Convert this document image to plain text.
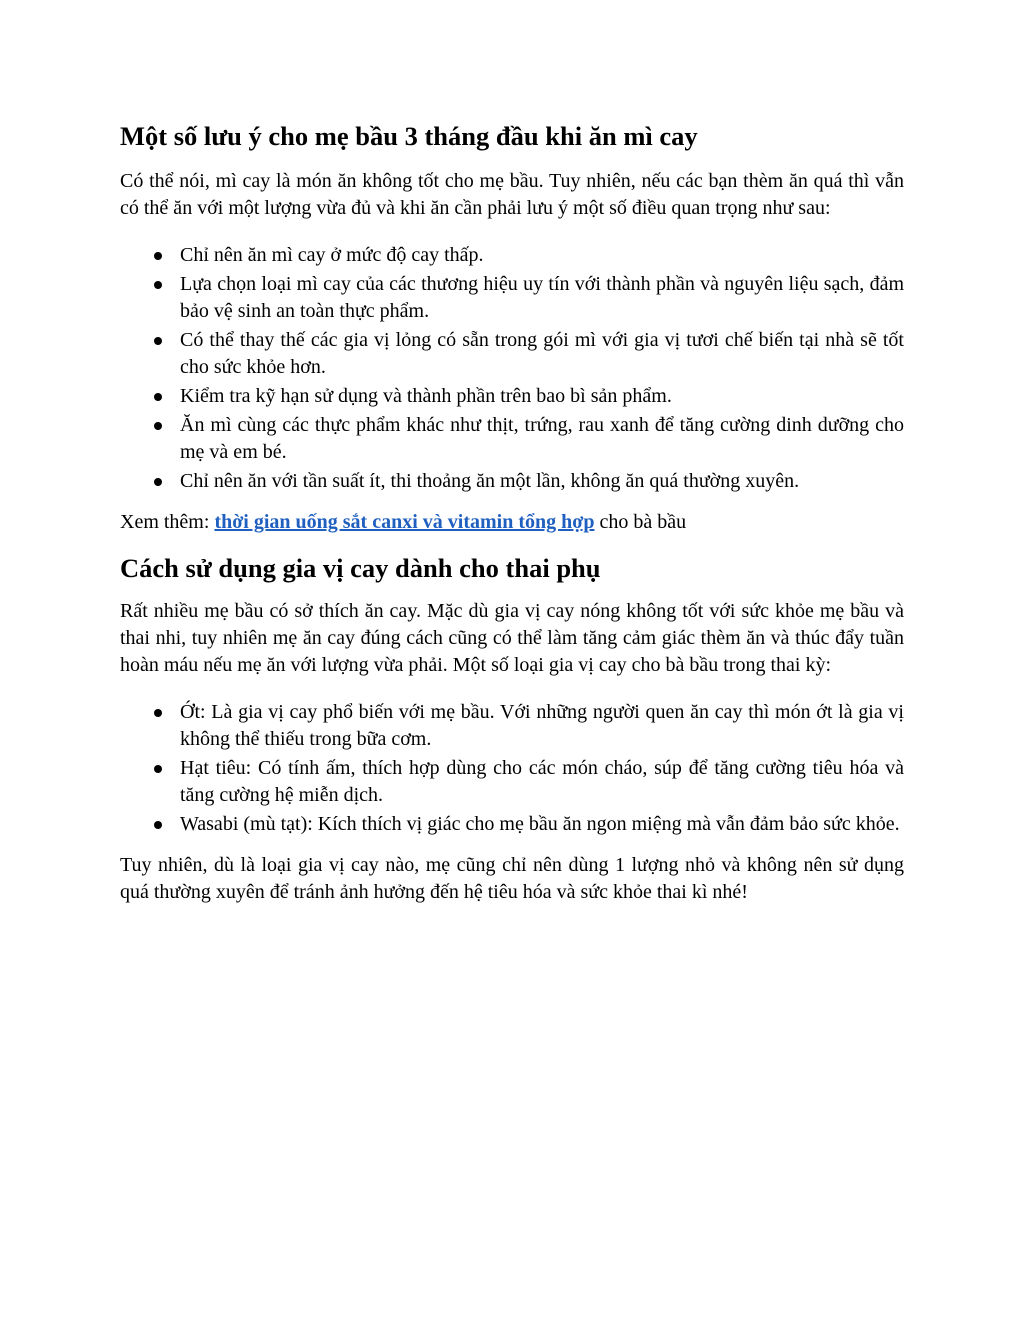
Một số lưu ý cho mẹ bầu 3 tháng đầu khi ăn mì cay

Có thể nói, mì cay là món ăn không tốt cho mẹ bầu. Tuy nhiên, nếu các bạn thèm ăn quá thì vẫn có thể ăn với một lượng vừa đủ và khi ăn cần phải lưu ý một số điều quan trọng như sau:

Chỉ nên ăn mì cay ở mức độ cay thấp.
Lựa chọn loại mì cay của các thương hiệu uy tín với thành phần và nguyên liệu sạch, đảm bảo vệ sinh an toàn thực phẩm.
Có thể thay thế các gia vị lỏng có sẵn trong gói mì với gia vị tươi chế biến tại nhà sẽ tốt cho sức khỏe hơn.
Kiểm tra kỹ hạn sử dụng và thành phần trên bao bì sản phẩm.
Ăn mì cùng các thực phẩm khác như thịt, trứng, rau xanh để tăng cường dinh dưỡng cho mẹ và em bé.
Chỉ nên ăn với tần suất ít, thi thoảng ăn một lần, không ăn quá thường xuyên.

Xem thêm: thời gian uống sắt canxi và vitamin tổng hợp cho bà bầu

Cách sử dụng gia vị cay dành cho thai phụ

Rất nhiều mẹ bầu có sở thích ăn cay. Mặc dù gia vị cay nóng không tốt với sức khỏe mẹ bầu và thai nhi, tuy nhiên mẹ ăn cay đúng cách cũng có thể làm tăng cảm giác thèm ăn và thúc đẩy tuần hoàn máu nếu mẹ ăn với lượng vừa phải. Một số loại gia vị cay cho bà bầu trong thai kỳ:

Ớt: Là gia vị cay phổ biến với mẹ bầu. Với những người quen ăn cay thì món ớt là gia vị không thể thiếu trong bữa cơm.
Hạt tiêu: Có tính ấm, thích hợp dùng cho các món cháo, súp để tăng cường tiêu hóa và tăng cường hệ miễn dịch.
Wasabi (mù tạt): Kích thích vị giác cho mẹ bầu ăn ngon miệng mà vẫn đảm bảo sức khỏe.

Tuy nhiên, dù là loại gia vị cay nào, mẹ cũng chỉ nên dùng 1 lượng nhỏ và không nên sử dụng quá thường xuyên để tránh ảnh hưởng đến hệ tiêu hóa và sức khỏe thai kì nhé!
